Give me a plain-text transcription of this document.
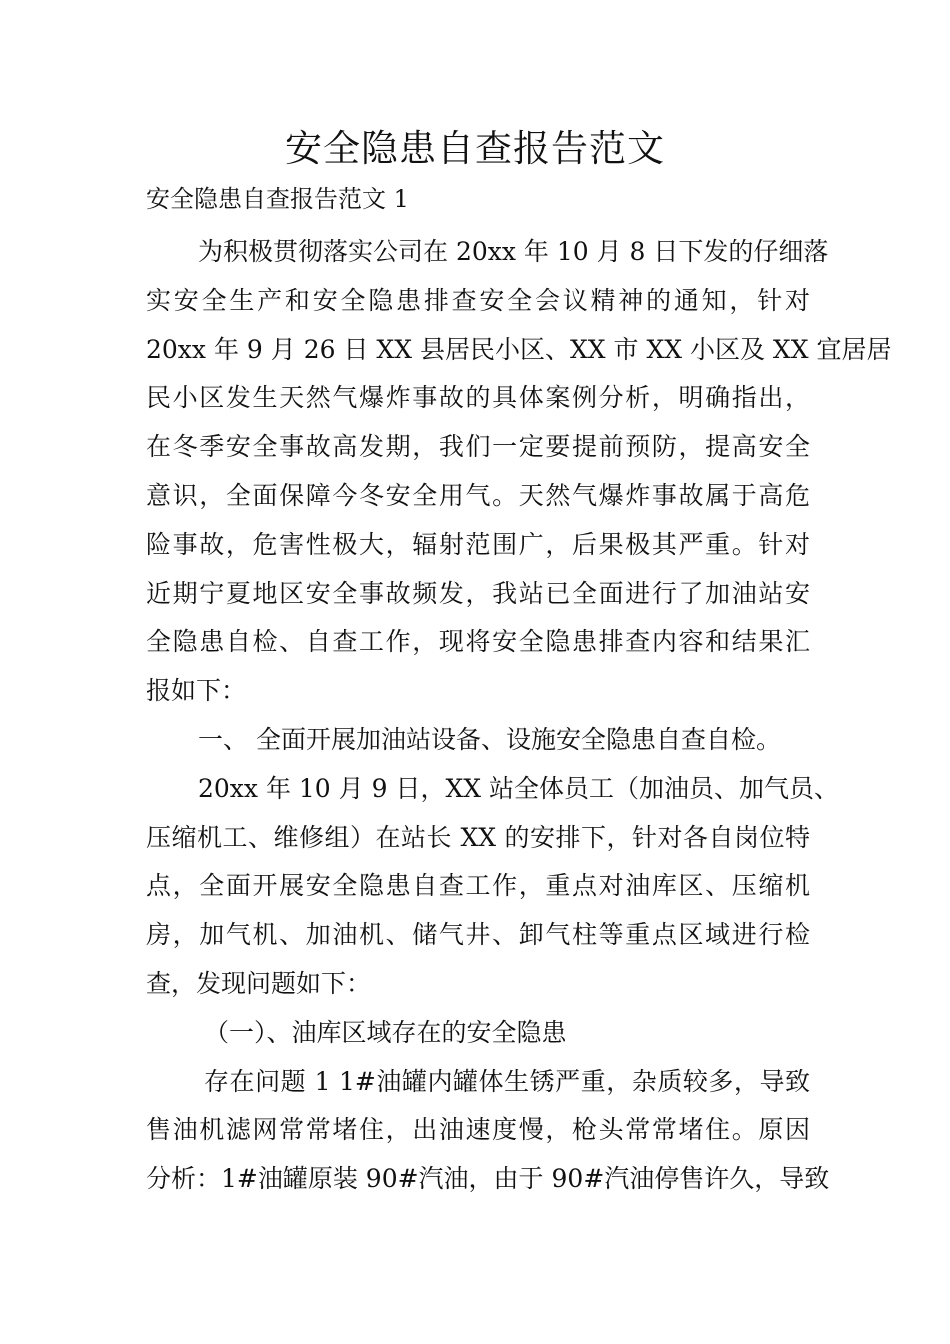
安全隐患自查报告范文

安全隐患自查报告范文 1

为积极贯彻落实公司在 20xx 年 10 月 8 日下发的仔细落
实安全生产和安全隐患排查安全会议精神的通知，针对
20xx 年 9 月 26 日 XX 县居民小区、XX 市 XX 小区及 XX 宜居居
民小区发生天然气爆炸事故的具体案例分析，明确指出，
在冬季安全事故高发期，我们一定要提前预防，提高安全
意识，全面保障今冬安全用气。天然气爆炸事故属于高危
险事故，危害性极大，辐射范围广，后果极其严重。针对
近期宁夏地区安全事故频发，我站已全面进行了加油站安
全隐患自检、自查工作，现将安全隐患排查内容和结果汇
报如下：
一、 全面开展加油站设备、设施安全隐患自查自检。
20xx 年 10 月 9 日，XX 站全体员工（加油员、加气员、
压缩机工、维修组）在站长 XX 的安排下，针对各自岗位特
点，全面开展安全隐患自查工作，重点对油库区、压缩机
房，加气机、加油机、储气井、卸气柱等重点区域进行检
查，发现问题如下：
（一）、油库区域存在的安全隐患
存在问题 1 1#油罐内罐体生锈严重，杂质较多，导致
售油机滤网常常堵住，出油速度慢，枪头常常堵住。原因
分析：1#油罐原装 90#汽油，由于 90#汽油停售许久，导致
